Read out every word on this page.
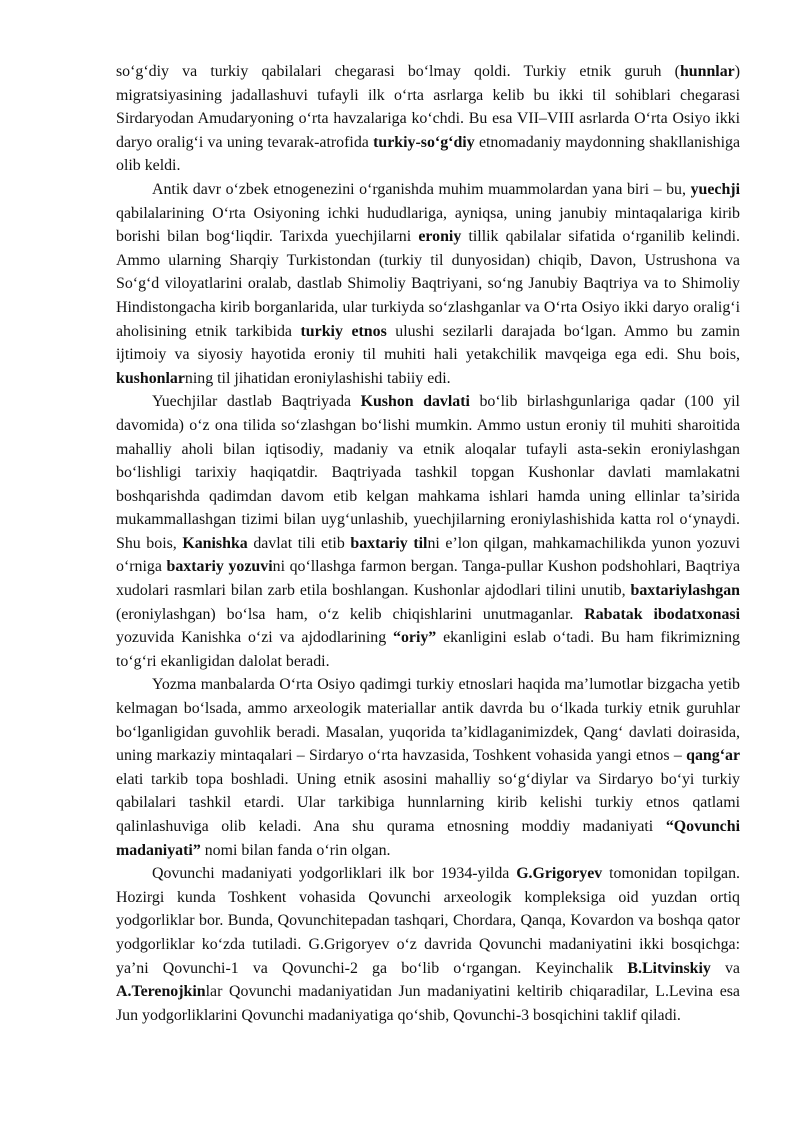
so‘g‘diy va turkiy qabilalari chegarasi bo‘lmay qoldi. Turkiy etnik guruh (hunnlar) migratsiyasining jadallashuvi tufayli ilk o‘rta asrlarga kelib bu ikki til sohiblari chegarasi Sirdaryodan Amudaryoning o‘rta havzalariga ko‘chdi. Bu esa VII–VIII asrlarda O‘rta Osiyo ikki daryo oralig‘i va uning tevarak-atrofida turkiy-so‘g‘diy etnomadaniy maydonning shakllanishiga olib keldi.

Antik davr o‘zbek etnogenezini o‘rganishda muhim muammolardan yana biri – bu, yuechji qabilalarining O‘rta Osiyoning ichki hududlariga, ayniqsa, uning janubiy mintaqalariga kirib borishi bilan bog‘liqdir. Tarixda yuechjilarni eroniy tillik qabilalar sifatida o‘rganilib kelindi. Ammo ularning Sharqiy Turkistondan (turkiy til dunyosidan) chiqib, Davon, Ustrushona va So‘g‘d viloyatlarini oralab, dastlab Shimoliy Baqtriyani, so‘ng Janubiy Baqtriya va to Shimoliy Hindistongacha kirib borganlarida, ular turkiyda so‘zlashganlar va O‘rta Osiyo ikki daryo oralig‘i aholisining etnik tarkibida turkiy etnos ulushi sezilarli darajada bo‘lgan. Ammo bu zamin ijtimoiy va siyosiy hayotida eroniy til muhiti hali yetakchilik mavqeiga ega edi. Shu bois, kushonlarning til jihatidan eroniylashishi tabiiy edi.

Yuechjilar dastlab Baqtriyada Kushon davlati bo‘lib birlashgunlariga qadar (100 yil davomida) o‘z ona tilida so‘zlashgan bo‘lishi mumkin. Ammo ustun eroniy til muhiti sharoitida mahalliy aholi bilan iqtisodiy, madaniy va etnik aloqalar tufayli asta-sekin eroniylashgan bo‘lishligi tarixiy haqiqatdir. Baqtriyada tashkil topgan Kushonlar davlati mamlakatni boshqarishda qadimdan davom etib kelgan mahkama ishlari hamda uning ellinlar ta’sirida mukammallashgan tizimi bilan uyg‘unlashib, yuechjilarning eroniylashishida katta rol o‘ynaydi. Shu bois, Kanishka davlat tili etib baxtariy tilni e’lon qilgan, mahkamachilikda yunon yozuvi o‘rniga baxtariy yozuvini qo‘llashga farmon bergan. Tanga-pullar Kushon podshohlari, Baqtriya xudolari rasmlari bilan zarb etila boshlangan. Kushonlar ajdodlari tilini unutib, baxtariylashgan (eroniylashgan) bo‘lsa ham, o‘z kelib chiqishlarini unutmaganlar. Rabatak ibodatxonasi yozuvida Kanishka o‘zi va ajdodlarining “oriy” ekanligini eslab o‘tadi. Bu ham fikrimizning to‘g‘ri ekanligidan dalolat beradi.

Yozma manbalarda O‘rta Osiyo qadimgi turkiy etnoslari haqida ma’lumotlar bizgacha yetib kelmagan bo‘lsada, ammo arxeologik materiallar antik davrda bu o‘lkada turkiy etnik guruhlar bo‘lganligidan guvohlik beradi. Masalan, yuqorida ta’kidlaganimizdek, Qang‘ davlati doirasida, uning markaziy mintaqalari – Sirdaryo o‘rta havzasida, Toshkent vohasida yangi etnos – qang‘ar elati tarkib topa boshladi. Uning etnik asosini mahalliy so‘g‘diylar va Sirdaryo bo‘yi turkiy qabilalari tashkil etardi. Ular tarkibiga hunnlarning kirib kelishi turkiy etnos qatlami qalinlashuviga olib keladi. Ana shu qurama etnosning moddiy madaniyati “Qovunchi madaniyati” nomi bilan fanda o‘rin olgan.

Qovunchi madaniyati yodgorliklari ilk bor 1934-yilda G.Grigoryev tomonidan topilgan. Hozirgi kunda Toshkent vohasida Qovunchi arxeologik kompleksiga oid yuzdan ortiq yodgorliklar bor. Bunda, Qovunchitepadan tashqari, Chordara, Qanqa, Kovardon va boshqa qator yodgorliklar ko‘zda tutiladi. G.Grigoryev o‘z davrida Qovunchi madaniyatini ikki bosqichga: ya’ni Qovunchi-1 va Qovunchi-2 ga bo‘lib o‘rgangan. Keyinchalik B.Litvinskiy va A.Terenojkinlar Qovunchi madaniyatidan Jun madaniyatini keltirib chiqaradilar, L.Levina esa Jun yodgorliklarini Qovunchi madaniyatiga qo‘shib, Qovunchi-3 bosqichini taklif qiladi.
